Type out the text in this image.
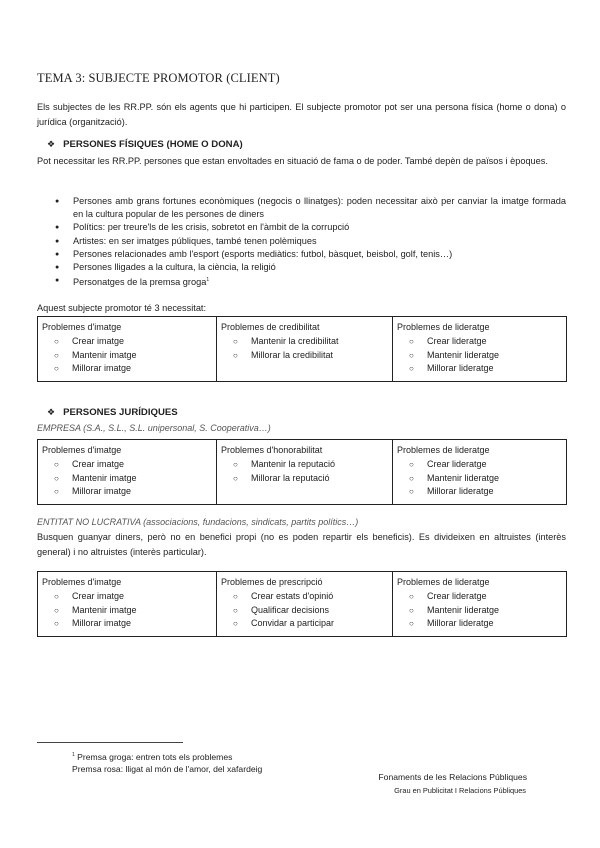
TEMA 3: SUBJECTE PROMOTOR (CLIENT)
Els subjectes de les RR.PP. són els agents que hi participen. El subjecte promotor pot ser una persona física (home o dona) o jurídica (organització).
❖ PERSONES FÍSIQUES (HOME O DONA)
Pot necessitar les RR.PP. persones que estan envoltades en situació de fama o de poder. També depèn de països i èpoques.
● Persones amb grans fortunes econòmiques (negocis o llinatges): poden necessitar això per canviar la imatge formada en la cultura popular de les persones de diners
● Polítics: per treure'ls de les crisis, sobretot en l'àmbit de la corrupció
● Artistes: en ser imatges públiques, també tenen polèmiques
● Persones relacionades amb l'esport (esports mediàtics: futbol, bàsquet, beisbol, golf, tenis…)
● Persones lligades a la cultura, la ciència, la religió
● Personatges de la premsa groga$^1$
Aquest subjecte promotor té 3 necessitat:
Problemes d'imatge
○ Crear imatge
○ Mantenir imatge
○ Millorar imatge

Problemes de credibilitat
○ Mantenir la credibilitat
○ Millorar la credibilitat

Problemes de lideratge
○ Crear lideratge
○ Mantenir lideratge
○ Millorar lideratge
❖ PERSONES JURÍDIQUES
EMPRESA (S.A., S.L., S.L. unipersonal, S. Cooperativa…)
Problemes d'imatge
○ Crear imatge
○ Mantenir imatge
○ Millorar imatge

Problemes d'honorabilitat
○ Mantenir la reputació
○ Millorar la reputació

Problemes de lideratge
○ Crear lideratge
○ Mantenir lideratge
○ Millorar lideratge
ENTITAT NO LUCRATIVA (associacions, fundacions, sindicats, partits polítics…)
Busquen guanyar diners, però no en benefici propi (no es poden repartir els beneficis). Es divideixen en altruistes (interès general) i no altruistes (interès particular).
Problemes d'imatge
○ Crear imatge
○ Mantenir imatge
○ Millorar imatge

Problemes de prescripció
○ Crear estats d'opinió
○ Qualificar decisions
○ Convidar a participar

Problemes de lideratge
○ Crear lideratge
○ Mantenir lideratge
○ Millorar lideratge
$^1$ Premsa groga: entren tots els problemes
Premsa rosa: lligat al món de l'amor, del xafardeig
Fonaments de les Relacions Públiques
Grau en Publicitat I Relacions Públiques
